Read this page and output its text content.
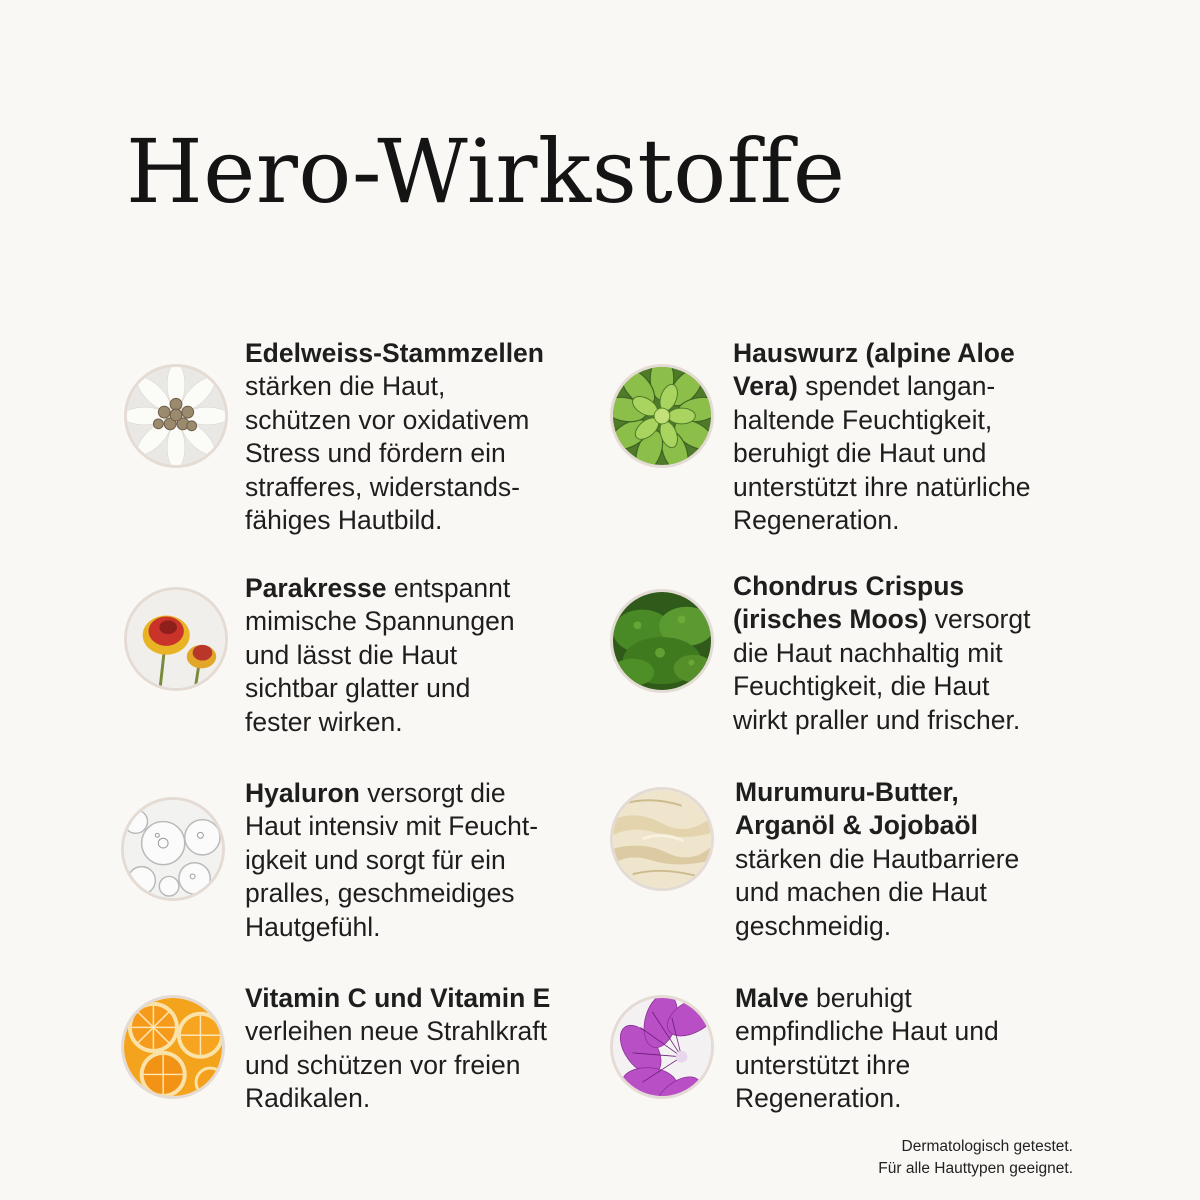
Hero-Wirkstoffe
Edelweiss-Stammzellen
stärken die Haut,
schützen vor oxidativem
Stress und fördern ein
strafferes, widerstands-
fähiges Hautbild.
Hauswurz (alpine Aloe
Vera) spendet langan-
haltende Feuchtigkeit,
beruhigt die Haut und
unterstützt ihre natürliche
Regeneration.
Parakresse entspannt
mimische Spannungen
und lässt die Haut
sichtbar glatter und
fester wirken.
Chondrus Crispus
(irisches Moos) versorgt
die Haut nachhaltig mit
Feuchtigkeit, die Haut
wirkt praller und frischer.
Hyaluron versorgt die
Haut intensiv mit Feucht-
igkeit und sorgt für ein
pralles, geschmeidiges
Hautgefühl.
Murumuru-Butter,
Arganöl & Jojobaöl
stärken die Hautbarriere
und machen die Haut
geschmeidig.
Vitamin C und Vitamin E
verleihen neue Strahlkraft
und schützen vor freien
Radikalen.
Malve beruhigt
empfindliche Haut und
unterstützt ihre
Regeneration.
Dermatologisch getestet.
Für alle Hauttypen geeignet.
